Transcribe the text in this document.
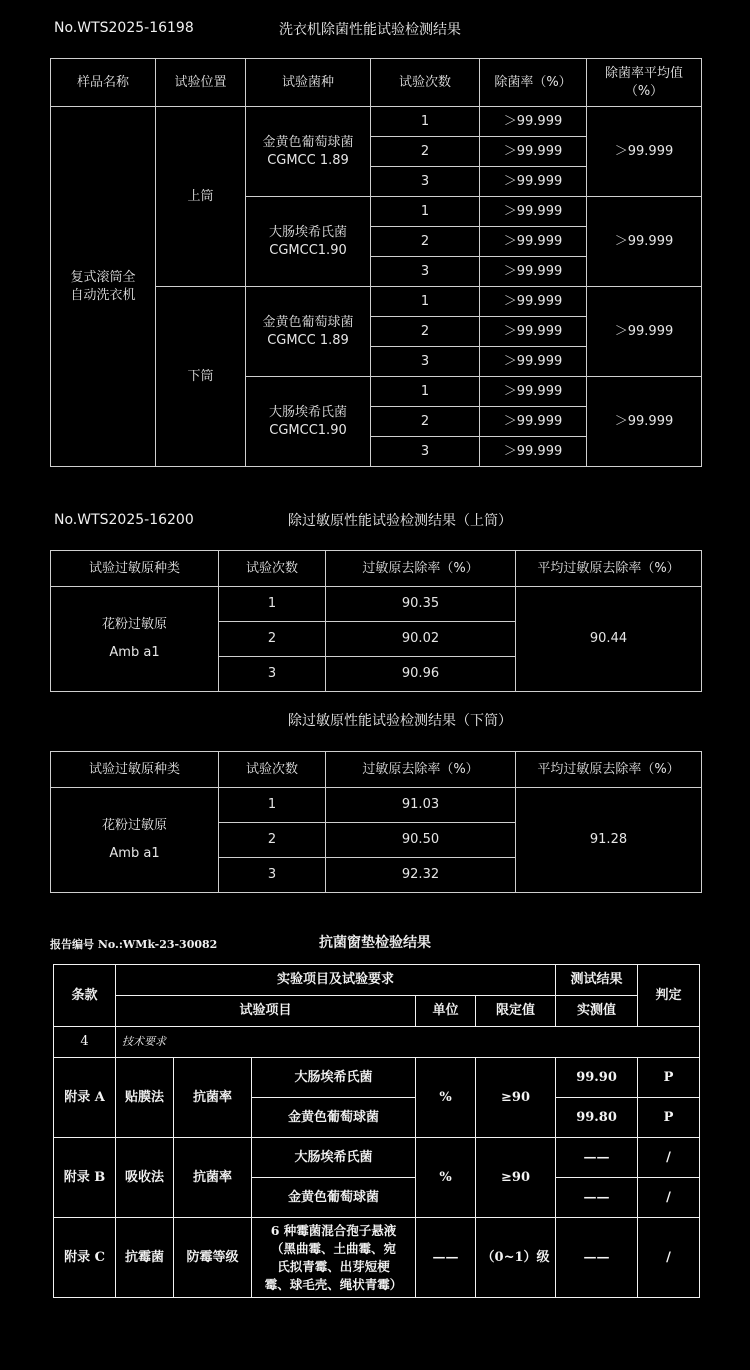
No.WTS2025-16198	洗衣机除菌性能试验检测结果
样品名称	试验位置	试验菌种	试验次数	除菌率（%）	除菌率平均值
（%）
复式滚筒全
自动洗衣机	上筒	金黄色葡萄球菌
CGMCC 1.89	1	＞99.999	＞99.999
			2	＞99.999	
			3	＞99.999	
		大肠埃希氏菌
CGMCC1.90	1	＞99.999	＞99.999
			2	＞99.999	
			3	＞99.999	
	下筒	金黄色葡萄球菌
CGMCC 1.89	1	＞99.999	＞99.999
			2	＞99.999	
			3	＞99.999	
		大肠埃希氏菌
CGMCC1.90	1	＞99.999	＞99.999
			2	＞99.999	
			3	＞99.999	
No.WTS2025-16200	除过敏原性能试验检测结果（上筒）
试验过敏原种类	试验次数	过敏原去除率（%）	平均过敏原去除率（%）
花粉过敏原
Amb a1	1	90.35	90.44
	2	90.02	
	3	90.96	
除过敏原性能试验检测结果（下筒）
试验过敏原种类	试验次数	过敏原去除率（%）	平均过敏原去除率（%）
花粉过敏原
Amb a1	1	91.03	91.28
	2	90.50	
	3	92.32	
报告编号 No.:WMk-23-30082	抗菌窗垫检验结果
条款	实验项目及试验要求					测试结果	判定
	试验项目			单位	限定值	实测值	
4	技术要求						
附录 A	贴膜法	抗菌率	大肠埃希氏菌	%	≥90	99.90	P
			金黄色葡萄球菌			99.80	P
附录 B	吸收法	抗菌率	大肠埃希氏菌	%	≥90	——	/
			金黄色葡萄球菌			——	/
附录 C	抗霉菌	防霉等级	6 种霉菌混合孢子悬液
（黑曲霉、土曲霉、宛
氏拟青霉、出芽短梗
霉、球毛壳、绳状青霉）	——	（0~1）级	——	/
